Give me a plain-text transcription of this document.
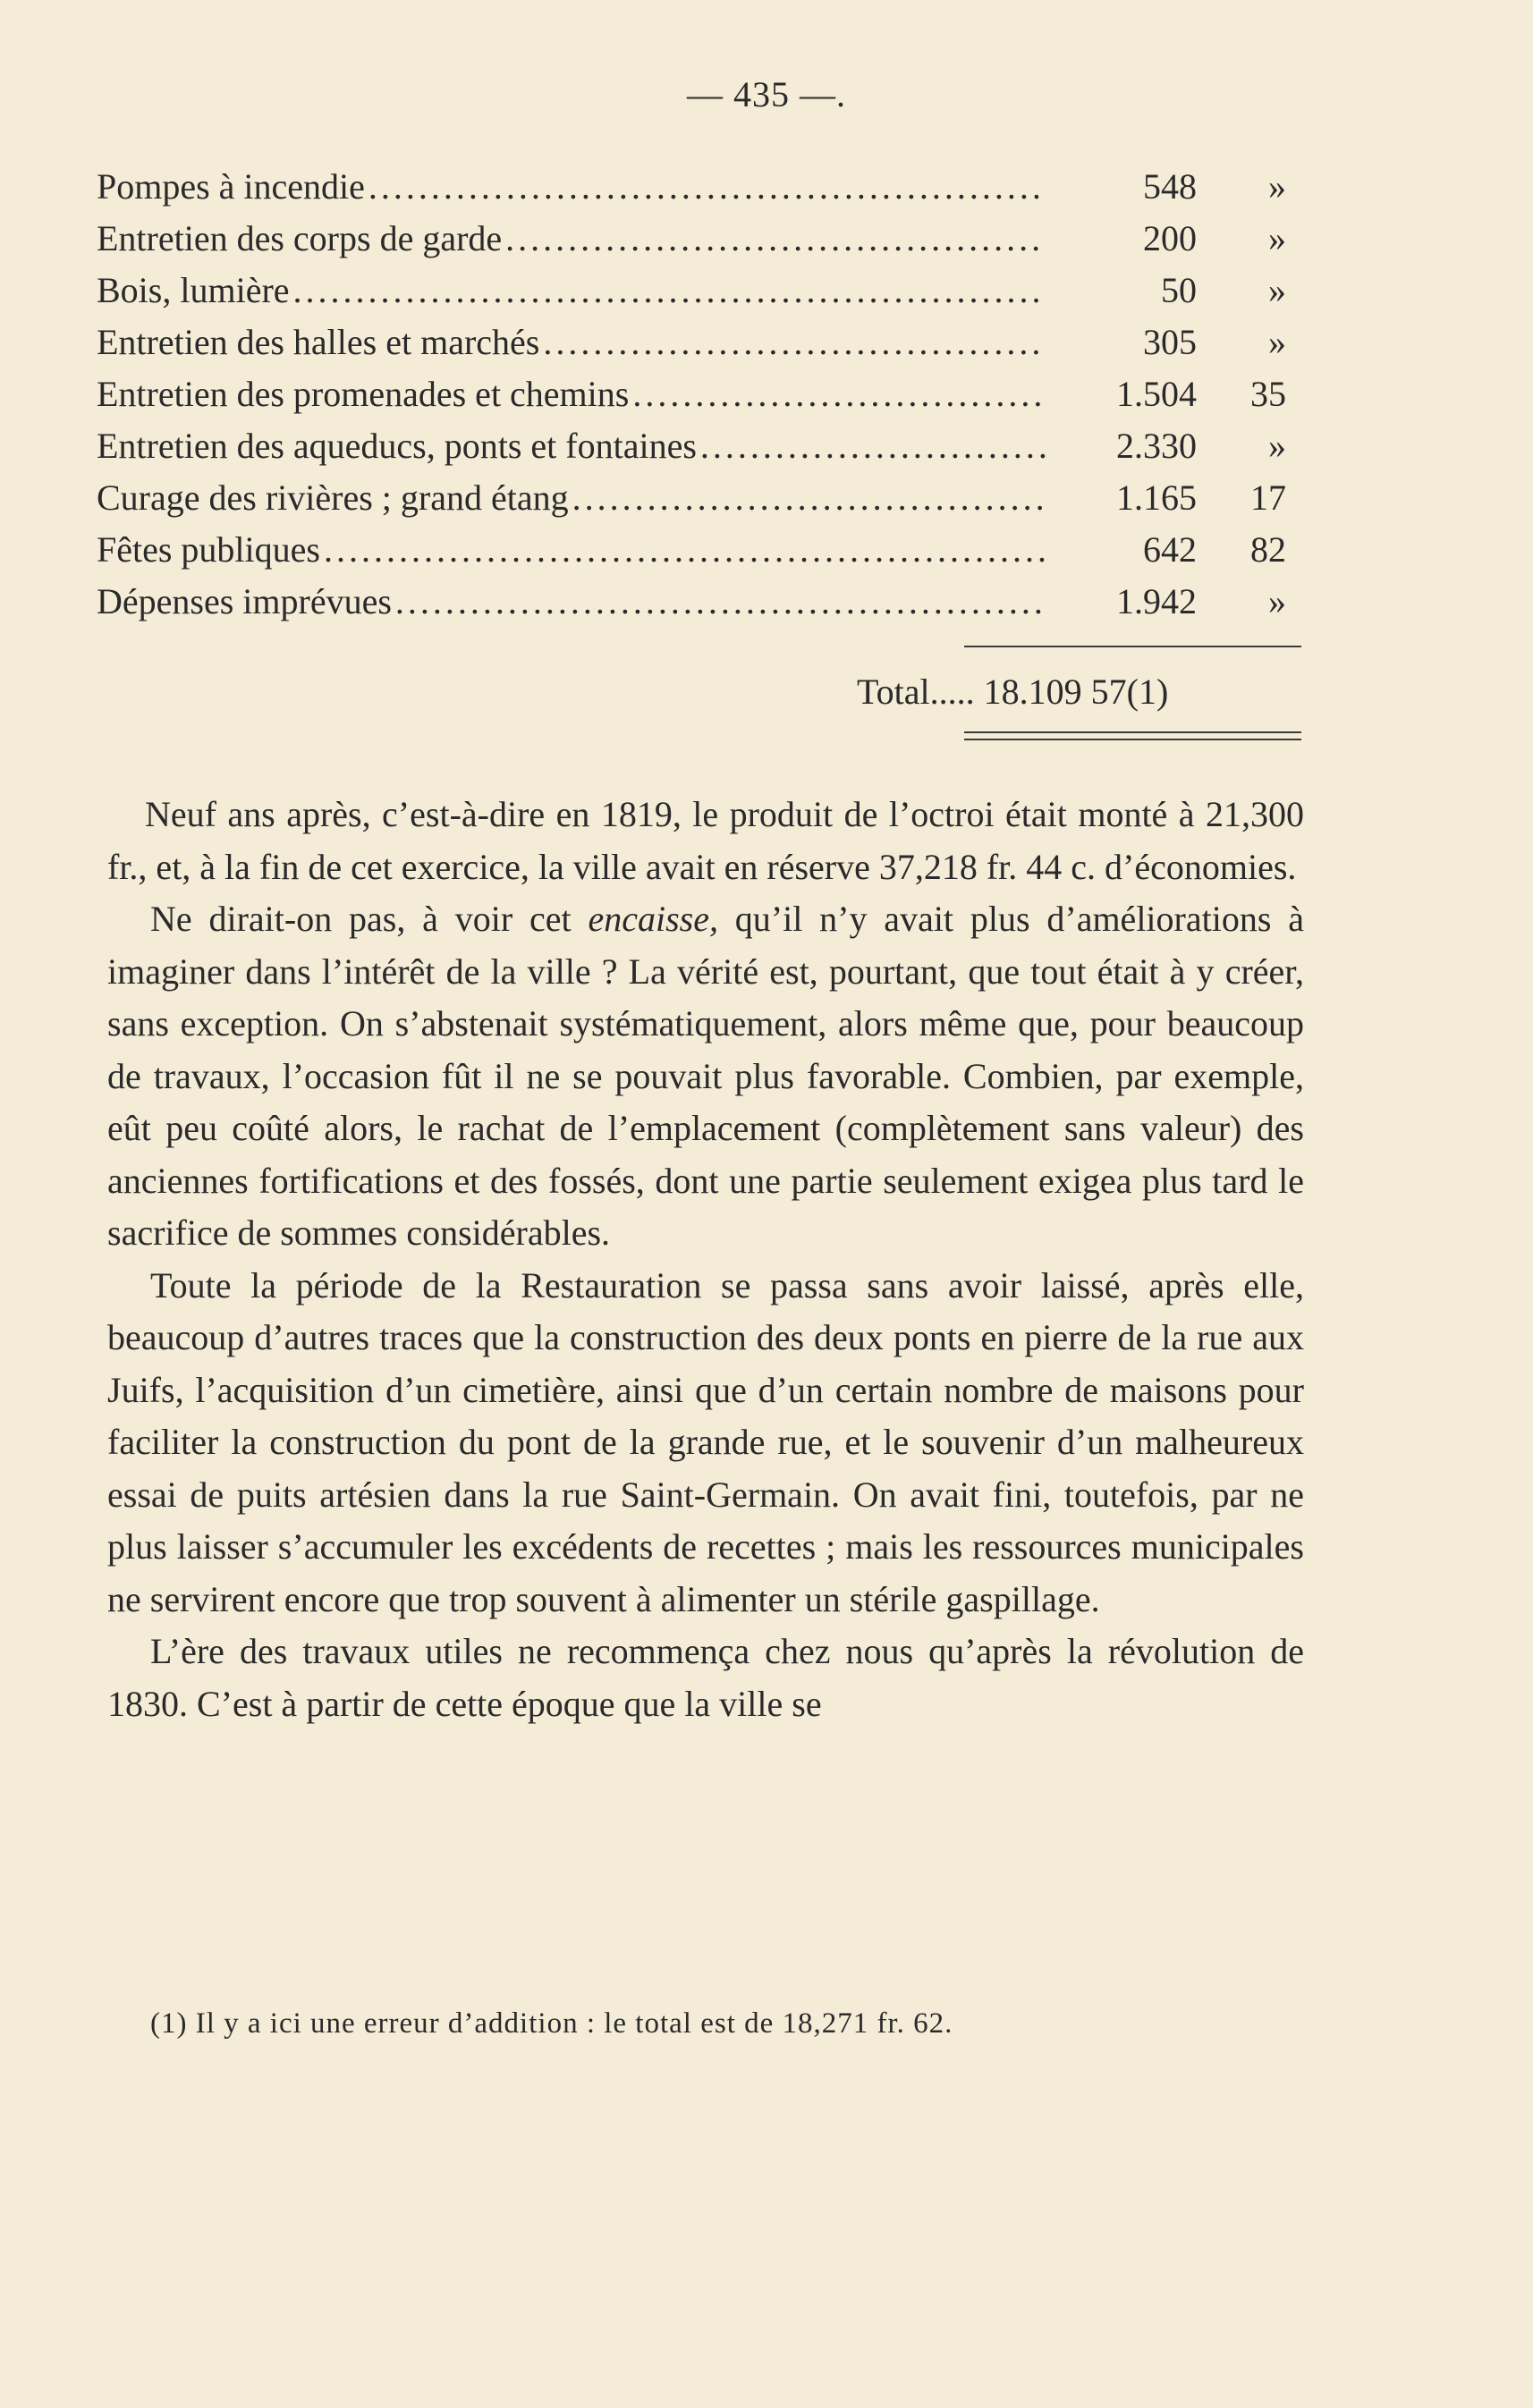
— 435 —.
Pompes à incendie .....	548	»
Entretien des corps de garde .....	200	»
Bois, lumière .....	50	»
Entretien des halles et marchés .....	305	»
Entretien des promenades et chemins .....	1.504	35
Entretien des aqueducs, ponts et fontaines .....	2.330	»
Curage des rivières ; grand étang .....	1.165	17
Fêtes publiques .....	642	82
Dépenses imprévues .....	1.942	»
Total..... 18.109 57(1)

Neuf ans après, c’est-à-dire en 1819, le produit de l’octroi était monté à 21,300 fr., et, à la fin de cet exercice, la ville avait en réserve 37,218 fr. 44 c. d’économies.

Ne dirait-on pas, à voir cet encaisse, qu’il n’y avait plus d’améliorations à imaginer dans l’intérêt de la ville ? La vérité est, pourtant, que tout était à y créer, sans exception. On s’abstenait systématiquement, alors même que, pour beaucoup de travaux, l’occasion fût il ne se pouvait plus favorable. Combien, par exemple, eût peu coûté alors, le rachat de l’emplacement (complètement sans valeur) des anciennes fortifications et des fossés, dont une partie seulement exigea plus tard le sacrifice de sommes considérables.

Toute la période de la Restauration se passa sans avoir laissé, après elle, beaucoup d’autres traces que la construction des deux ponts en pierre de la rue aux Juifs, l’acquisition d’un cimetière, ainsi que d’un certain nombre de maisons pour faciliter la construction du pont de la grande rue, et le souvenir d’un malheureux essai de puits artésien dans la rue Saint-Germain. On avait fini, toutefois, par ne plus laisser s’accumuler les excédents de recettes ; mais les ressources municipales ne servirent encore que trop souvent à alimenter un stérile gaspillage.

L’ère des travaux utiles ne recommença chez nous qu’après la révolution de 1830. C’est à partir de cette époque que la ville se

(1) Il y a ici une erreur d’addition : le total est de 18,271 fr. 62.
